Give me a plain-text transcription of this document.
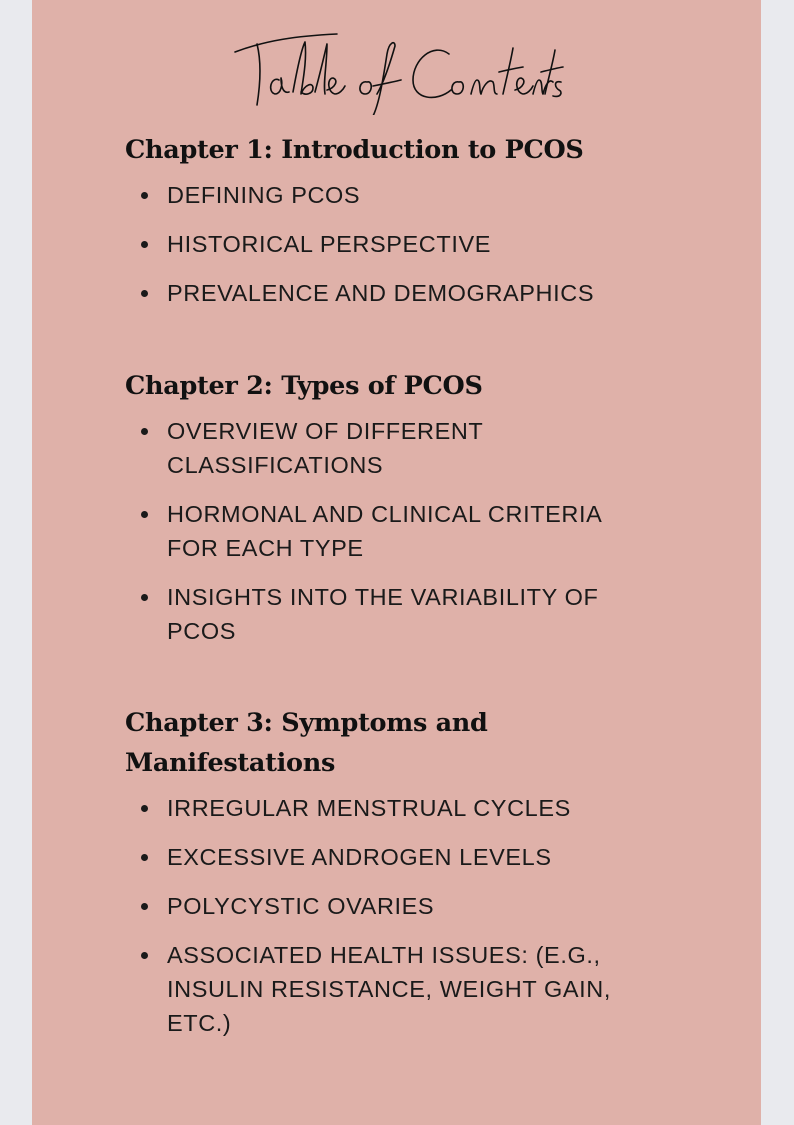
Chapter 1: Introduction to PCOS
DEFINING PCOS
HISTORICAL PERSPECTIVE
PREVALENCE AND DEMOGRAPHICS
Chapter 2: Types of PCOS
OVERVIEW OF DIFFERENT CLASSIFICATIONS
HORMONAL AND CLINICAL CRITERIA FOR EACH TYPE
INSIGHTS INTO THE VARIABILITY OF PCOS
Chapter 3: Symptoms and Manifestations
IRREGULAR MENSTRUAL CYCLES
EXCESSIVE ANDROGEN LEVELS
POLYCYSTIC OVARIES
ASSOCIATED HEALTH ISSUES: (E.G., INSULIN RESISTANCE, WEIGHT GAIN, ETC.)
